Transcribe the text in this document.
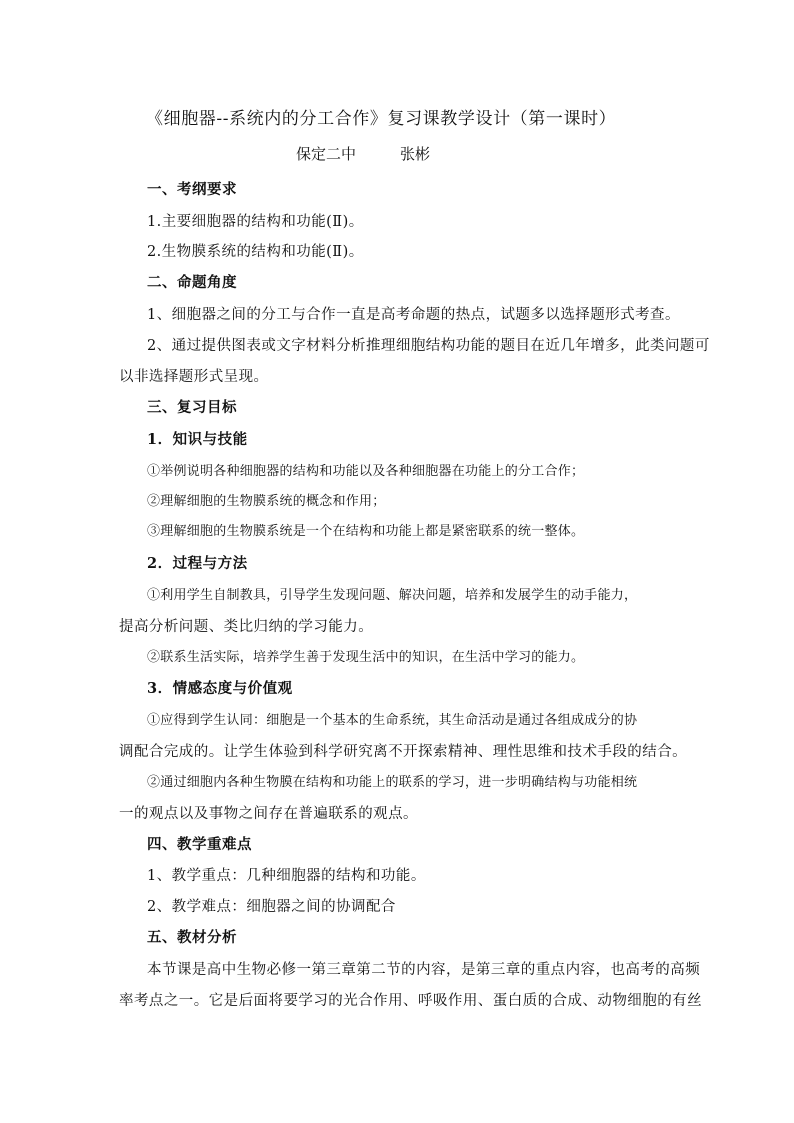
《细胞器--系统内的分工合作》复习课教学设计（第一课时）

保定二中	张彬

一、考纲要求

1.主要细胞器的结构和功能(Ⅱ)。

2.生物膜系统的结构和功能(Ⅱ)。

二、命题角度

1、细胞器之间的分工与合作一直是高考命题的热点，试题多以选择题形式考查。

2、通过提供图表或文字材料分析推理细胞结构功能的题目在近几年增多，此类问题可

以非选择题形式呈现。

三、复习目标

1．知识与技能

①举例说明各种细胞器的结构和功能以及各种细胞器在功能上的分工合作；

②理解细胞的生物膜系统的概念和作用；

③理解细胞的生物膜系统是一个在结构和功能上都是紧密联系的统一整体。

2．过程与方法

①利用学生自制教具，引导学生发现问题、解决问题，培养和发展学生的动手能力，

提高分析问题、类比归纳的学习能力。

②联系生活实际，培养学生善于发现生活中的知识，在生活中学习的能力。

3．情感态度与价值观

①应得到学生认同：细胞是一个基本的生命系统，其生命活动是通过各组成成分的协

调配合完成的。让学生体验到科学研究离不开探索精神、理性思维和技术手段的结合。

②通过细胞内各种生物膜在结构和功能上的联系的学习，进一步明确结构与功能相统

一的观点以及事物之间存在普遍联系的观点。

四、教学重难点

1、教学重点：几种细胞器的结构和功能。

2、教学难点：细胞器之间的协调配合

五、教材分析

本节课是高中生物必修一第三章第二节的内容，是第三章的重点内容，也高考的高频

率考点之一。它是后面将要学习的光合作用、呼吸作用、蛋白质的合成、动物细胞的有丝
